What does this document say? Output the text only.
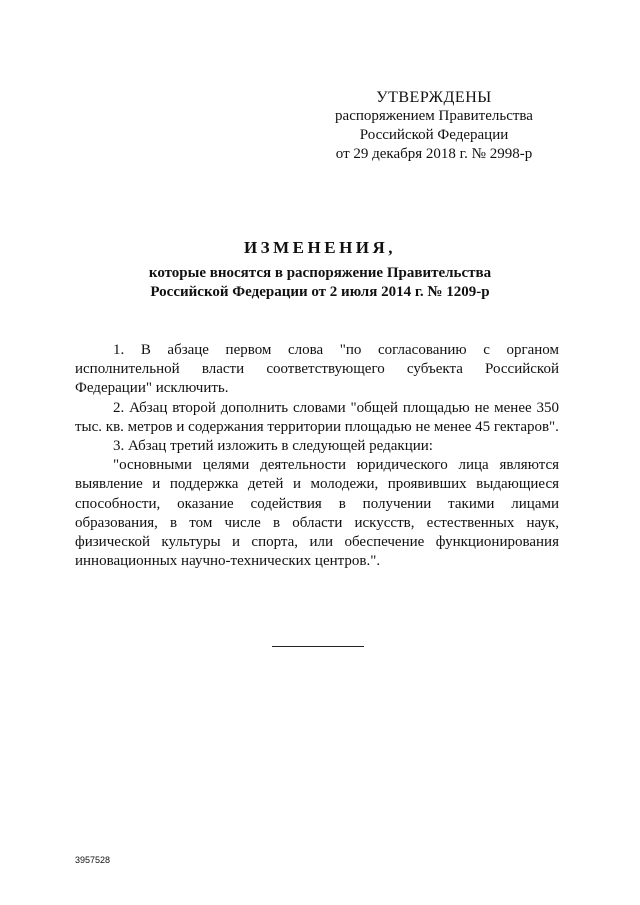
УТВЕРЖДЕНЫ
распоряжением Правительства
Российской Федерации
от 29 декабря 2018 г. № 2998-р
ИЗМЕНЕНИЯ,
которые вносятся в распоряжение Правительства
Российской Федерации от 2 июля 2014 г. № 1209-р

1. В абзаце первом слова "по согласованию с органом исполнительной власти соответствующего субъекта Российской Федерации" исключить.

2. Абзац второй дополнить словами "общей площадью не менее 350 тыс. кв. метров и содержания территории площадью не менее 45 гектаров".

3. Абзац третий изложить в следующей редакции:

"основными целями деятельности юридического лица являются выявление и поддержка детей и молодежи, проявивших выдающиеся способности, оказание содействия в получении такими лицами образования, в том числе в области искусств, естественных наук, физической культуры и спорта, или обеспечение функционирования инновационных научно-технических центров.".

3957528
